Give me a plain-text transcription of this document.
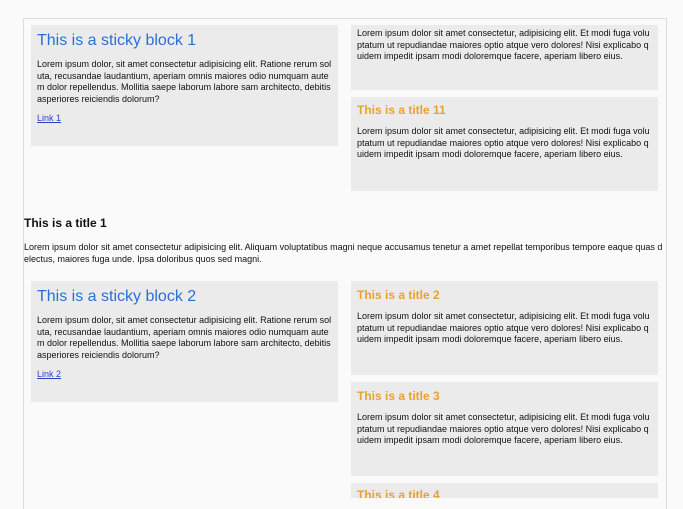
This is a sticky block 1

Lorem ipsum dolor, sit amet consectetur adipisicing elit. Ratione rerum soluta, recusandae laudantium, aperiam omnis maiores odio numquam autem dolor repellendus. Mollitia saepe laborum labore sam architecto, debitis asperiores reiciendis dolorum?

Link 1

Lorem ipsum dolor sit amet consectetur, adipisicing elit. Et modi fuga voluptatum ut repudiandae maiores optio atque vero dolores! Nisi explicabo quidem impedit ipsam modi doloremque facere, aperiam libero eius.

This is a title 11

Lorem ipsum dolor sit amet consectetur, adipisicing elit. Et modi fuga voluptatum ut repudiandae maiores optio atque vero dolores! Nisi explicabo quidem impedit ipsam modi doloremque facere, aperiam libero eius.

This is a title 1

Lorem ipsum dolor sit amet consectetur adipisicing elit. Aliquam voluptatibus magni neque accusamus tenetur a amet repellat temporibus tempore eaque quas delectus, maiores fuga unde. Ipsa doloribus quos sed magni.

This is a sticky block 2

Lorem ipsum dolor, sit amet consectetur adipisicing elit. Ratione rerum soluta, recusandae laudantium, aperiam omnis maiores odio numquam autem dolor repellendus. Mollitia saepe laborum labore sam architecto, debitis asperiores reiciendis dolorum?

Link 2
This is a title 2

Lorem ipsum dolor sit amet consectetur, adipisicing elit. Et modi fuga voluptatum ut repudiandae maiores optio atque vero dolores! Nisi explicabo quidem impedit ipsam modi doloremque facere, aperiam libero eius.

This is a title 3

Lorem ipsum dolor sit amet consectetur, adipisicing elit. Et modi fuga voluptatum ut repudiandae maiores optio atque vero dolores! Nisi explicabo quidem impedit ipsam modi doloremque facere, aperiam libero eius.

This is a title 4
